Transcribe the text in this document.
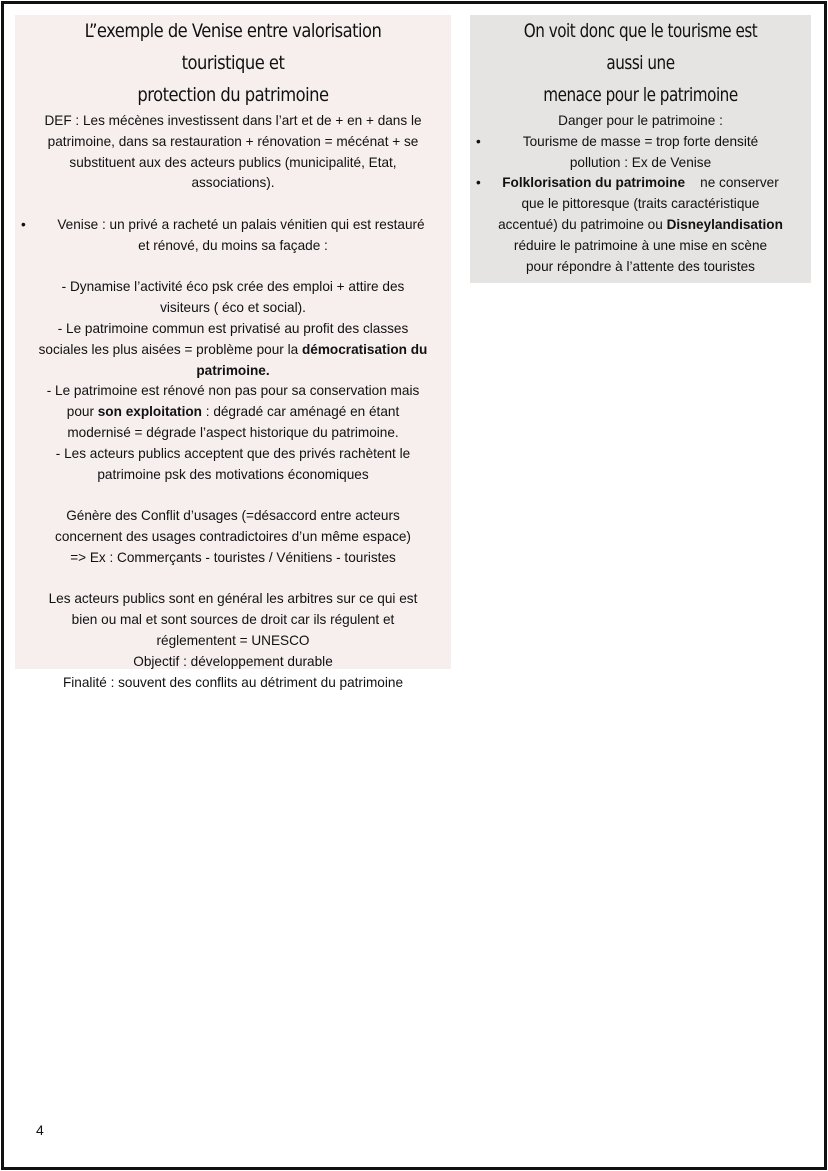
L”exemple de Venise entre valorisation touristique et
protection du patrimoine

DEF : Les mécènes investissent dans l’art et de + en + dans le

patrimoine, dans sa restauration + rénovation = mécénat + se

substituent aux des acteurs publics (municipalité, Etat,

associations).

•	Venise : un privé a racheté un palais vénitien qui est restauré

et rénové, du moins sa façade :

- Dynamise l’activité éco psk crée des emploi + attire des

visiteurs ( éco et social).

- Le patrimoine commun est privatisé au profit des classes

sociales les plus aisées = problème pour la démocratisation du

patrimoine.

- Le patrimoine est rénové non pas pour sa conservation mais

pour son exploitation : dégradé car aménagé en étant

modernisé = dégrade l’aspect historique du patrimoine.

- Les acteurs publics acceptent que des privés rachètent le

patrimoine psk des motivations économiques

Génère des Conflit d’usages (=désaccord entre acteurs

concernent des usages contradictoires d’un même espace)

=> Ex : Commerçants - touristes / Vénitiens - touristes

Les acteurs publics sont en général les arbitres sur ce qui est

bien ou mal et sont sources de droit car ils régulent et

réglementent = UNESCO

Objectif : développement durable

Finalité : souvent des conflits au détriment du patrimoine

On voit donc que le tourisme est aussi une
menace pour le patrimoine

Danger pour le patrimoine :

•	Tourisme de masse = trop forte densité

pollution : Ex de Venise

•	Folklorisation du patrimoine    ne conserver

que le pittoresque (traits caractéristique

accentué) du patrimoine ou Disneylandisation

réduire le patrimoine à une mise en scène

pour répondre à l’attente des touristes

4
